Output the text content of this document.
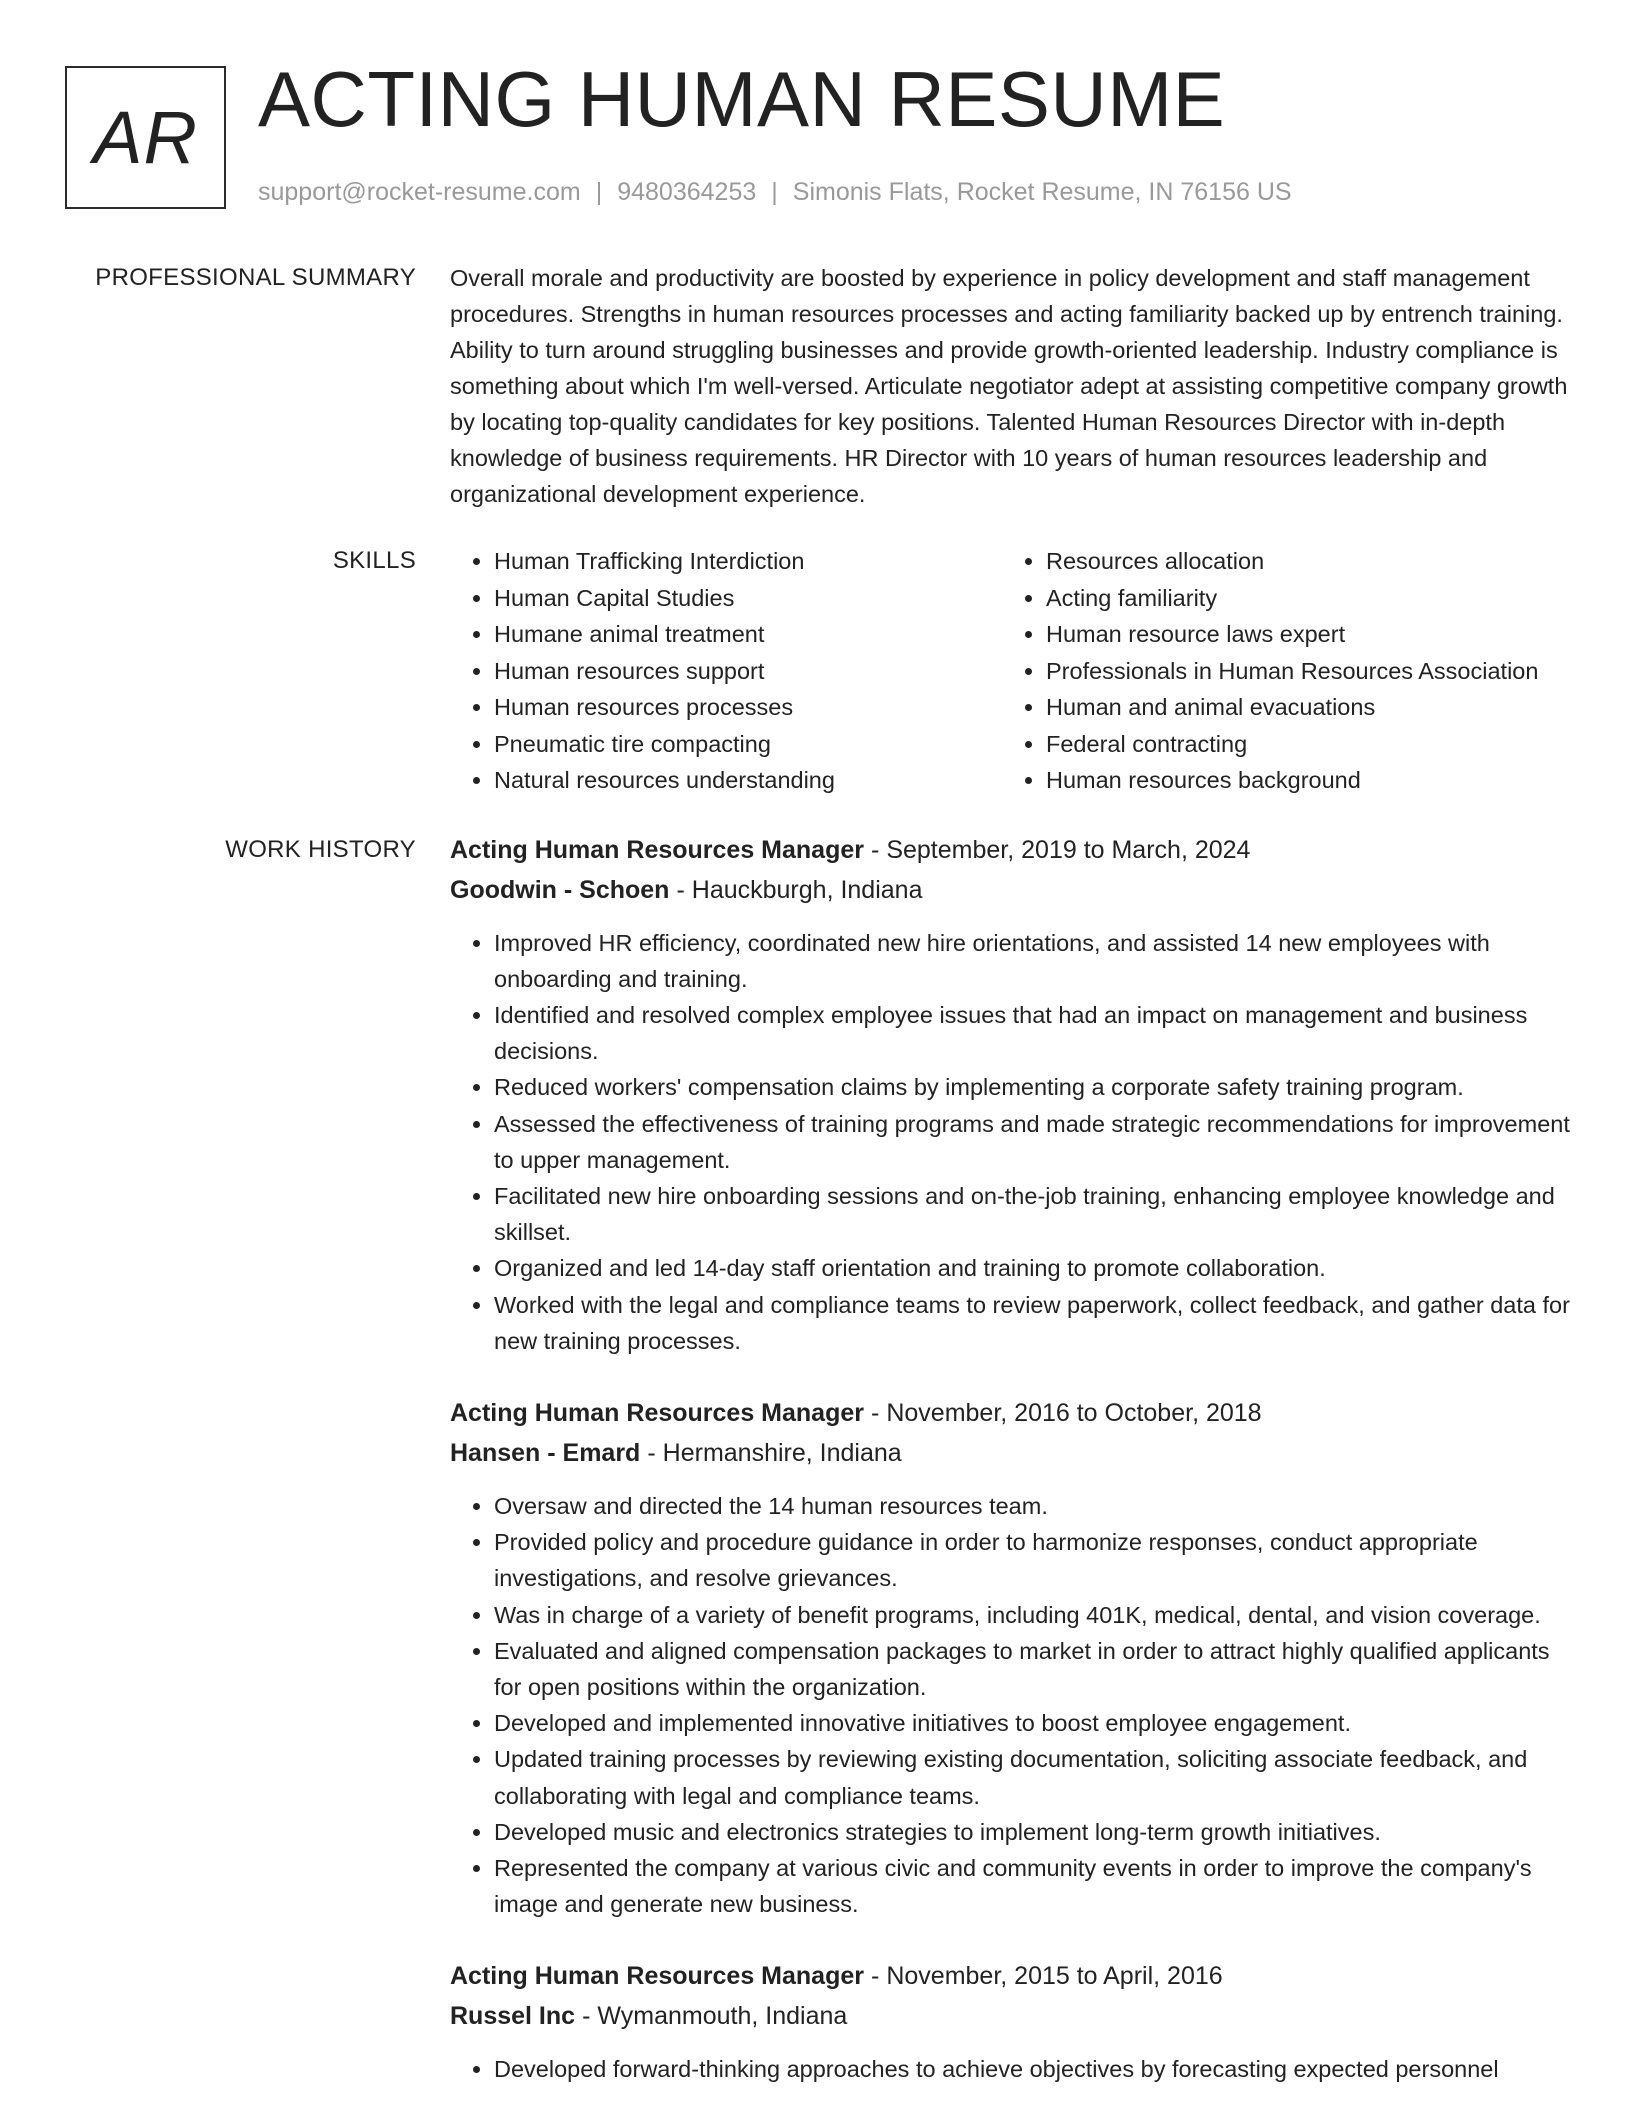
AR ACTING HUMAN RESUME
support@rocket-resume.com | 9480364253 | Simonis Flats, Rocket Resume, IN 76156 US
PROFESSIONAL SUMMARY Overall morale and productivity are boosted by experience in policy development and staff management procedures. Strengths in human resources processes and acting familiarity backed up by entrench training. Ability to turn around struggling businesses and provide growth-oriented leadership. Industry compliance is something about which I'm well-versed. Articulate negotiator adept at assisting competitive company growth by locating top-quality candidates for key positions. Talented Human Resources Director with in-depth knowledge of business requirements. HR Director with 10 years of human resources leadership and organizational development experience.

SKILLS
•	Human Trafficking Interdiction
• Human Capital Studies
• Humane animal treatment
• Human resources support
• Human resources processes
• Pneumatic tire compacting
• Natural resources understanding
• Resources allocation
• Acting familiarity
• Human resource laws expert
• Professionals in Human Resources Association
• Human and animal evacuations
• Federal contracting
• Human resources background
WORK HISTORY Acting Human Resources Manager - September, 2019 to March, 2024
Goodwin - Schoen - Hauckburgh, Indiana
• Improved HR efficiency, coordinated new hire orientations, and assisted 14 new employees with onboarding and training.
• Identified and resolved complex employee issues that had an impact on management and business decisions.
• Reduced workers' compensation claims by implementing a corporate safety training program.
• Assessed the effectiveness of training programs and made strategic recommendations for improvement to upper management.
• Facilitated new hire onboarding sessions and on-the-job training, enhancing employee knowledge and skillset.
• Organized and led 14-day staff orientation and training to promote collaboration.
• Worked with the legal and compliance teams to review paperwork, collect feedback, and gather data for new training processes.
Acting Human Resources Manager - November, 2016 to October, 2018
Hansen - Emard - Hermanshire, Indiana
• Oversaw and directed the 14 human resources team.
• Provided policy and procedure guidance in order to harmonize responses, conduct appropriate investigations, and resolve grievances.
• Was in charge of a variety of benefit programs, including 401K, medical, dental, and vision coverage.
• Evaluated and aligned compensation packages to market in order to attract highly qualified applicants for open positions within the organization.
• Developed and implemented innovative initiatives to boost employee engagement.
• Updated training processes by reviewing existing documentation, soliciting associate feedback, and collaborating with legal and compliance teams.
• Developed music and electronics strategies to implement long-term growth initiatives.
• Represented the company at various civic and community events in order to improve the company's image and generate new business.
Acting Human Resources Manager - November, 2015 to April, 2016
Russel Inc - Wymanmouth, Indiana
• Developed forward-thinking approaches to achieve objectives by forecasting expected personnel
